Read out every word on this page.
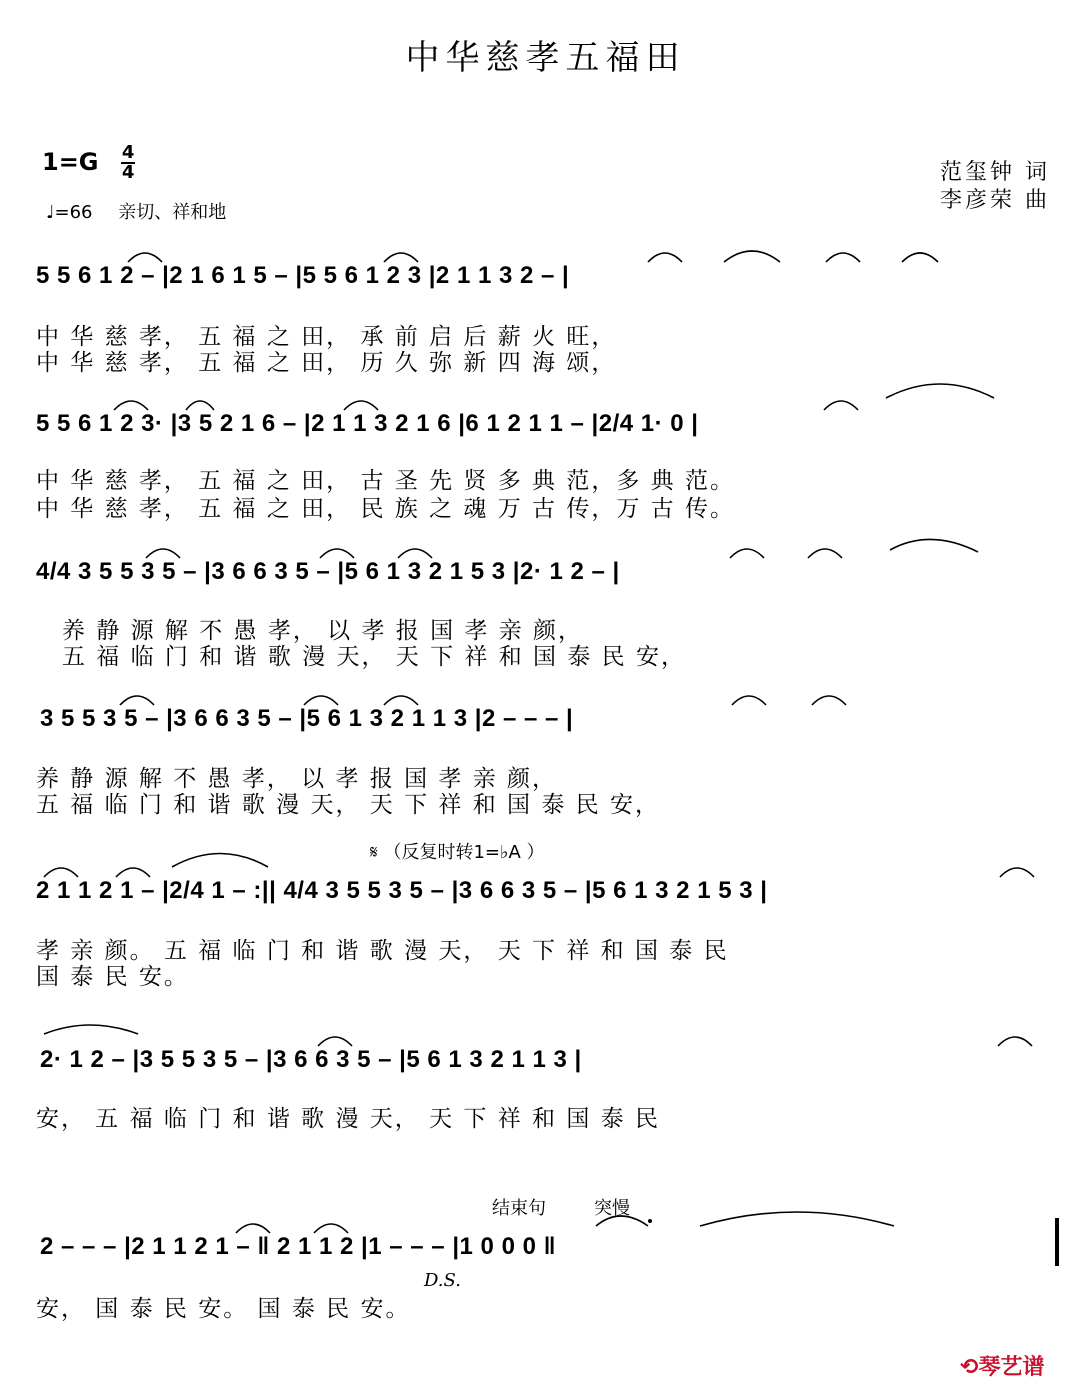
中华慈孝五福田
$1=G \frac{4}{4}$
♩=66 亲切、祥和地
范玺钟 词
李彦荣 曲
5 5 6 1 2 – |2 1 6 1 5 – |5 5 6 1 2 3 |2 1 1 3 2 – |
中 华 慈 孝， 五 福 之 田， 承 前 启 后 薪 火 旺，
中 华 慈 孝， 五 福 之 田， 历 久 弥 新 四 海 颂，
5 5 6 1 2 3· |3 5 2 1 6 – |2 1 1 3 2 1 6 |6 1 2 1 1 – |2/4 1· 0 |
中 华 慈 孝， 五 福 之 田， 古 圣 先 贤 多 典 范，多 典 范。
中 华 慈 孝， 五 福 之 田， 民 族 之 魂 万 古 传，万 古 传。
4/4 3 5 5 3 5 – |3 6 6 3 5 – |5 6 1 3 2 1 5 3 |2· 1 2 – |
养 静 源 解 不 愚 孝， 以 孝 报 国 孝 亲 颜，
五 福 临 门 和 谐 歌 漫 天， 天 下 祥 和 国 泰 民 安，
3 5 5 3 5 – |3 6 6 3 5 – |5 6 1 3 2 1 1 3 |2 – – – |
养 静 源 解 不 愚 孝， 以 孝 报 国 孝 亲 颜，
五 福 临 门 和 谐 歌 漫 天， 天 下 祥 和 国 泰 民 安，
𝄋 （反复时转1=♭A ）
2 1 1 2 1 – |2/4 1 – :|| 4/4 3 5 5 3 5 – |3 6 6 3 5 – |5 6 1 3 2 1 5 3 |
孝 亲 颜。 五 福 临 门 和 谐 歌 漫 天， 天 下 祥 和 国 泰 民
国 泰 民 安。
2· 1 2 – |3 5 5 3 5 – |3 6 6 3 5 – |5 6 1 3 2 1 1 3 |
安， 五 福 临 门 和 谐 歌 漫 天， 天 下 祥 和 国 泰 民
结束句	突慢
2 – – – |2 1 1 2 1 – ‖ 2 1 1 2 |1 – – – |1 0 0 0 ‖
D.S.
安， 国 泰 民 安。 国 泰 民 安。
⟲琴艺谱
